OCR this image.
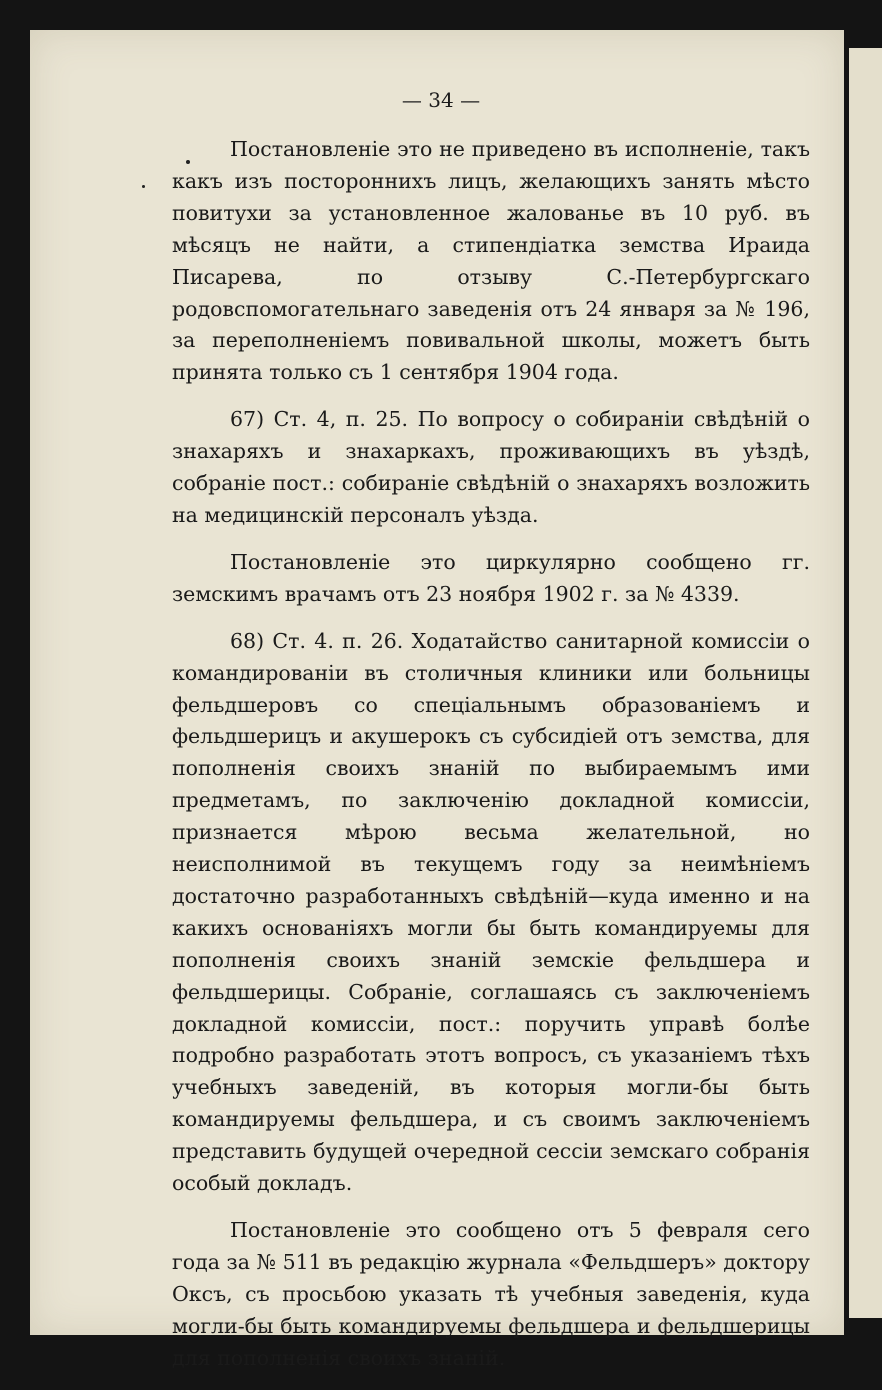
— 34 —

Постановленіе это не приведено въ исполненіе, такъ какъ изъ постороннихъ лицъ, желающихъ занять мѣсто повитухи за установленное жалованье въ 10 руб. въ мѣсяцъ не найти, а стипендіатка земства Ираида Писарева, по отзыву С.-Петербургскаго родовспомогательнаго заведенія отъ 24 января за № 196, за переполненіемъ повивальной школы, можетъ быть принята только съ 1 сентября 1904 года.

67) Ст. 4, п. 25. По вопросу о собираніи свѣдѣній о знахаряхъ и знахаркахъ, проживающихъ въ уѣздѣ, собраніе пост.: собираніе свѣдѣній о знахаряхъ возложить на медицинскій персоналъ уѣзда.

Постановленіе это циркулярно сообщено гг. земскимъ врачамъ отъ 23 ноября 1902 г. за № 4339.

68) Ст. 4. п. 26. Ходатайство санитарной комиссіи о командированіи въ столичныя клиники или больницы фельдшеровъ со спеціальнымъ образованіемъ и фельдшерицъ и акушерокъ съ субсидіей отъ земства, для пополненія своихъ знаній по выбираемымъ ими предметамъ, по заключенію докладной комиссіи, признается мѣрою весьма желательной, но неисполнимой въ текущемъ году за неимѣніемъ достаточно разработанныхъ свѣдѣній—куда именно и на какихъ основаніяхъ могли бы быть командируемы для пополненія своихъ знаній земскіе фельдшера и фельдшерицы. Собраніе, соглашаясь съ заключеніемъ докладной комиссіи, пост.: поручить управѣ болѣе подробно разработать этотъ вопросъ, съ указаніемъ тѣхъ учебныхъ заведеній, въ которыя могли-бы быть командируемы фельдшера, и съ своимъ заключеніемъ представить будущей очередной сессіи земскаго собранія особый докладъ.

Постановленіе это сообщено отъ 5 февраля сего года за № 511 въ редакцію журнала «Фельдшеръ» доктору Оксъ, съ просьбою указать тѣ учебныя заведенія, куда могли-бы быть командируемы фельдшера и фельдшерицы для пополненія своихъ знаній.
